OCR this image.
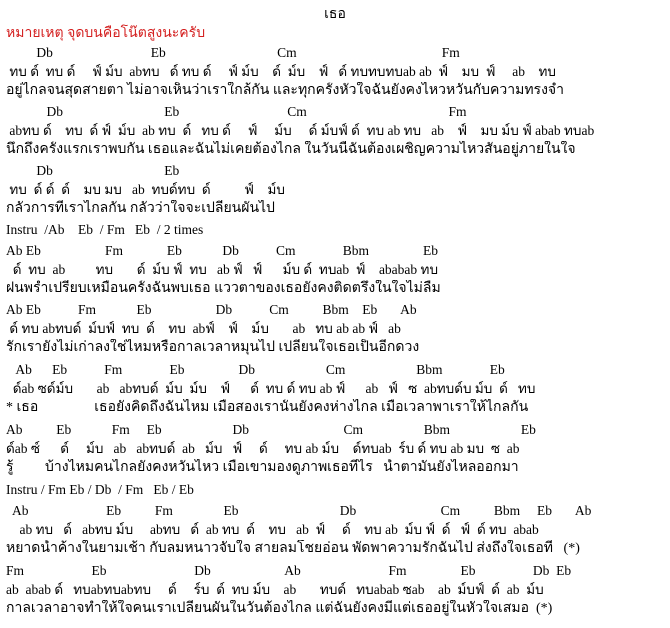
เธอ
หมายเหตุ จุดบนคือโน๊ตสูงนะครับ
Db                             Eb                                 Cm                                           Fm
ทบ ด์  ทบ ด์     ฟ์ ม์บ  abทบ   ด์ ทบ ด์     ฟ์ ม์บ    ด์  ม์บ    ฟ์   ด์ ทบทบทบab ab  ฟ์    มบ  ฟ์     ab    ทบ
อยู่ไกลจนสุดสายตา ไม่อาจเห็นว่าเราใกล้กัน และทุกครั้งหัวใจฉันยังคงไหวหวั่นกับความทรงจำ
Db                              Eb                                Cm                                          Fm
abทบ ด์    ทบ  ด์ ฟ์  ม์บ  ab ทบ  ด์   ทบ ด์     ฟ์     ม์บ     ด์ ม์บฟ์ ด์  ทบ ab ทบ   ab    ฟ์    มบ ม์บ ฟ์ abab ทบab
นึกถึงครั้งแรกเราพบกัน เธอและฉันไม่เคยต้องไกล ในวันนี้ฉันต้องเผชิญความไหวสั่นอยู่ภายในใจ
Db                                 Eb
ทบ  ด์ ด์  ด์    มบ มบ   ab  ทบด์ทบ  ด์          ฟ์    ม์บ
กลัวการที่เราไกลกัน กลัวว่าใจจะเปลี่ยนผันไป
Instru  /Ab    Eb  / Fm   Eb  / 2 times
Ab Eb                   Fm             Eb            Db           Cm              Bbm                Eb
ด์  ทบ  ab         ทบ       ด์  ม์บ ฟ์  ทบ   ab ฟ์   ฟ์      ม์บ ด์  ทบab  ฟ์    ababab ทบ
ฝนพร่ำเปรียบเหมือนครั้งฉันพบเธอ แววตาของเธอยังคงติดตรึงในใจไม่ลืม
Ab Eb           Fm            Eb                   Db           Cm          Bbm    Eb       Ab
ด์ ทบ abทบด์  ม์บฟ์  ทบ  ด์    ทบ  abฟ์    ฟ์    ม์บ       ab   ทบ ab ab ฟ์   ab
รักเรายังไม่เก่าลงใช่ไหมหรือกาลเวลาหมุนไป เปลี่ยนใจเธอเป็นอีกดวง
Ab      Eb           Fm              Eb                Db                     Cm                     Bbm              Eb
ด์ab ซด์ม์บ       ab   abทบด์  ม์บ  ม์บ    ฟ์      ด์  ทบ ด์ ทบ ab ฟ์      ab   ฟ์   ซ  abทบด์บ ม์บ  ด์   ทบ
* เธอ                เธอยังคิดถึงฉันไหม เมื่อสองเรานั้นยังคงห่างไกล เมื่อเวลาพาเราให้ไกลกัน
Ab          Eb            Fm     Eb                     Db                            Cm                  Bbm                     Eb
ด์ab ซ์      ด์     ม์บ   ab   abทบด์  ab   ม์บ   ฟ์     ด์     ทบ ab ม์บ    ด์ทบab  ร์บ ด์ ทบ ab มบ  ซ  ab
รู้         บ้างไหมคนไกลยังคงหวั่นไหว เมื่อเขามองดูภาพเธอที่ไร   น้ำตามันยังไหลออกมา
Instru / Fm Eb / Db  / Fm   Eb / Eb
Ab                       Eb          Fm               Eb                              Db                         Cm          Bbm     Eb       Ab
ab ทบ   ด์   abทบ ม์บ     abทบ   ด์  ab ทบ  ด์    ทบ   ab  ฟ์     ด์    ทบ ab  ม์บ ฟ์  ด์   ฟ์  ด์ ทบ  abab
หยาดน้ำค้างในยามเช้า กับลมหนาวจับใจ สายลมโชยอ่อน พัดพาความรักฉันไป ส่งถึงใจเธอที่   (*)
Fm                    Eb                          Db                      Ab                          Fm                Eb                 Db  Eb
ab  abab ด์   ทบabทบabทบ     ด์     ร์บ  ด์  ทบ ม์บ    ab       ทบด์   ทบabab ซab    ab  ม์บฟ์  ด์  ab  ม์บ
กาลเวลาอาจทำให้ใจคนเราเปลี่ยนผันในวันต้องไกล แต่ฉันยังคงมีแต่เธออยู่ในหัวใจเสมอ  (*)
